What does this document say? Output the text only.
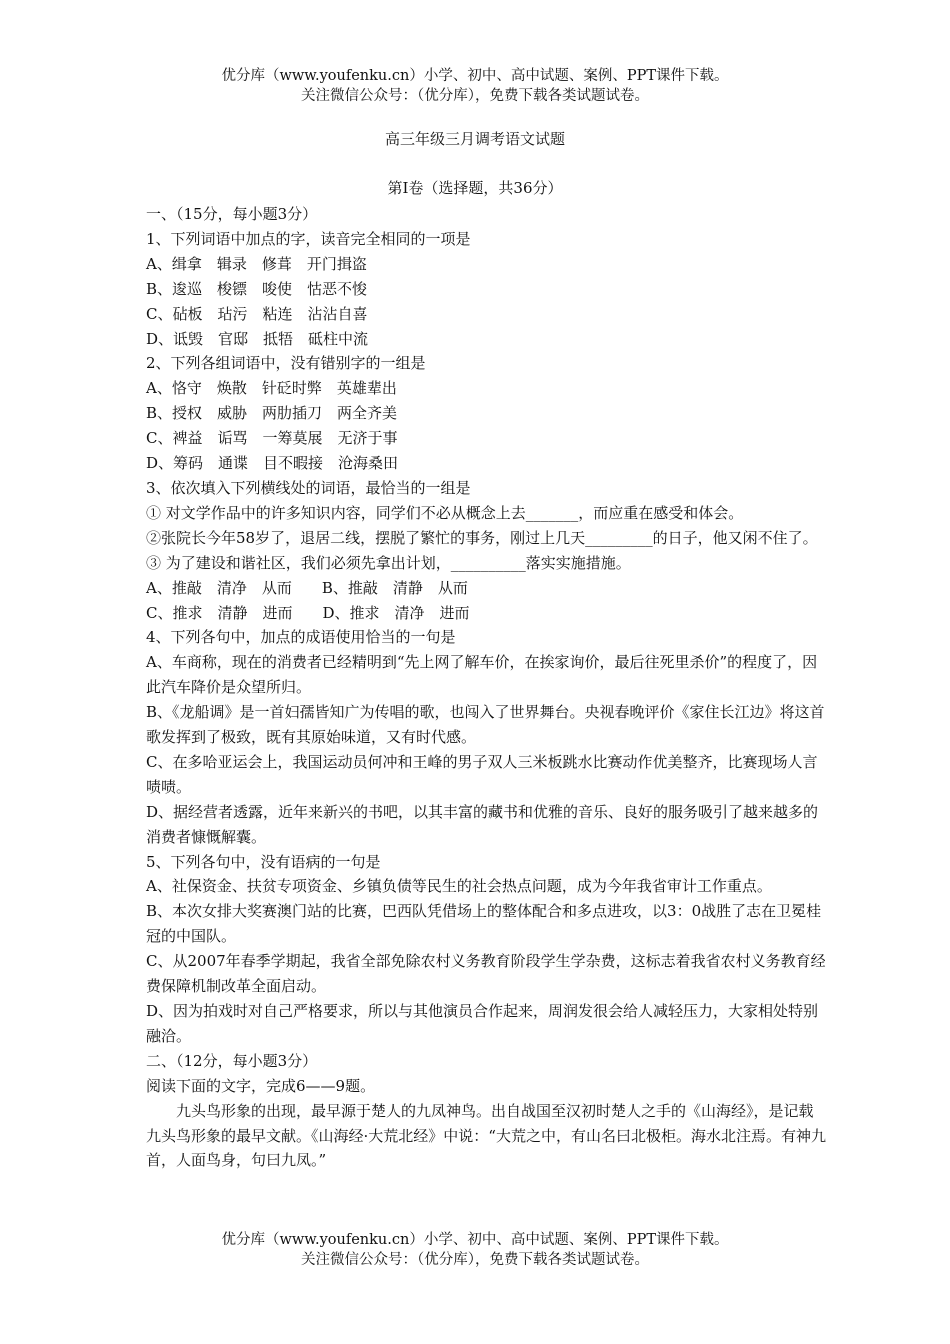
优分库（www.youfenku.cn）小学、初中、高中试题、案例、PPT课件下载。
关注微信公众号：（优分库），免费下载各类试题试卷。
高三年级三月调考语文试题
第Ⅰ卷（选择题，共36分）

一、（15分，每小题3分）

1、下列词语中加点的字，读音完全相同的一项是

A、缉拿　辑录　修葺　开门揖盗

B、逡巡　梭镖　唆使　怙恶不悛

C、砧板　玷污　粘连　沾沾自喜

D、诋毁　官邸　抵牾　砥柱中流

2、下列各组词语中，没有错别字的一组是

A、恪守　焕散　针砭时弊　英雄辈出

B、授权　威胁　两肋插刀　两全齐美

C、裨益　诟骂　一筹莫展　无济于事

D、筹码　通谍　目不暇接　沧海桑田

3、依次填入下列横线处的词语，最恰当的一组是

① 对文学作品中的许多知识内容，同学们不必从概念上去_______，而应重在感受和体会。

②张院长今年58岁了，退居二线，摆脱了繁忙的事务，刚过上几天_________的日子，他又闲不住了。

③ 为了建设和谐社区，我们必须先拿出计划，__________落实实施措施。

A、推敲　清净　从而　　B、推敲　清静　从而

C、推求　清静　进而　　D、推求　清净　进而

4、下列各句中，加点的成语使用恰当的一句是

A、车商称，现在的消费者已经精明到“先上网了解车价，在挨家询价，最后往死里杀价”的程度了，因此汽车降价是众望所归。

B、《龙船调》是一首妇孺皆知广为传唱的歌，也闯入了世界舞台。央视春晚评价《家住长江边》将这首歌发挥到了极致，既有其原始味道，又有时代感。

C、在多哈亚运会上，我国运动员何冲和王峰的男子双人三米板跳水比赛动作优美整齐，比赛现场人言啧啧。

D、据经营者透露，近年来新兴的书吧，以其丰富的藏书和优雅的音乐、良好的服务吸引了越来越多的消费者慷慨解囊。

5、下列各句中，没有语病的一句是

A、社保资金、扶贫专项资金、乡镇负债等民生的社会热点问题，成为今年我省审计工作重点。

B、本次女排大奖赛澳门站的比赛，巴西队凭借场上的整体配合和多点进攻，以3：0战胜了志在卫冕桂冠的中国队。

C、从2007年春季学期起，我省全部免除农村义务教育阶段学生学杂费，这标志着我省农村义务教育经费保障机制改革全面启动。

D、因为拍戏时对自己严格要求，所以与其他演员合作起来，周润发很会给人减轻压力，大家相处特别融洽。

二、（12分，每小题3分）

阅读下面的文字，完成6——9题。

九头鸟形象的出现，最早源于楚人的九凤神鸟。出自战国至汉初时楚人之手的《山海经》，是记载九头鸟形象的最早文献。《山海经·大荒北经》中说：“大荒之中，有山名曰北极柜。海水北注焉。有神九首，人面鸟身，句曰九凤。”

优分库（www.youfenku.cn）小学、初中、高中试题、案例、PPT课件下载。
关注微信公众号：（优分库），免费下载各类试题试卷。
